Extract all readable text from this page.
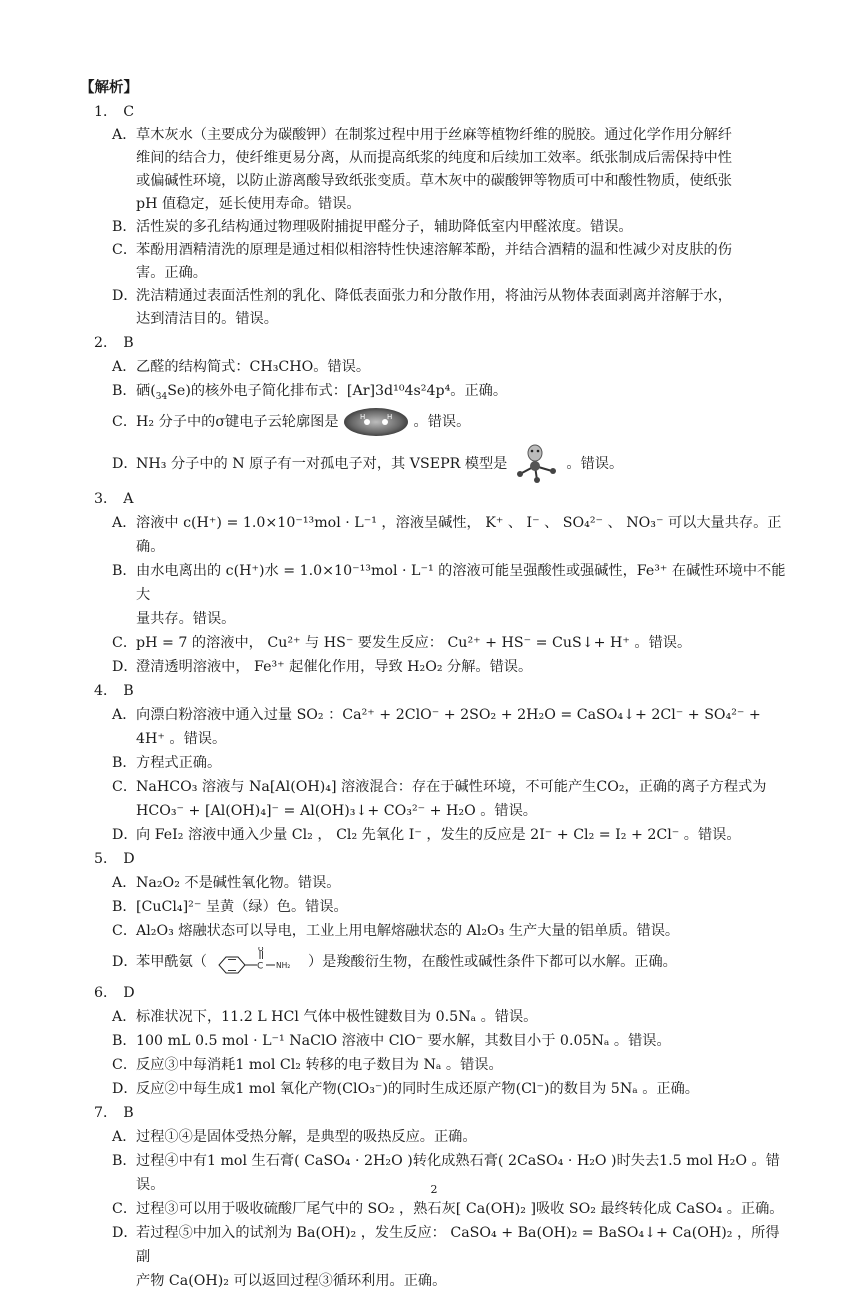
【解析】
1． C
A． 草木灰水（主要成分为碳酸钾）在制浆过程中用于丝麻等植物纤维的脱胶。通过化学作用分解纤
维间的结合力，使纤维更易分离，从而提高纸浆的纯度和后续加工效率。纸张制成后需保持中性
或偏碱性环境，以防止游离酸导致纸张变质。草木灰中的碳酸钾等物质可中和酸性物质，使纸张
pH 值稳定，延长使用寿命。错误。
B． 活性炭的多孔结构通过物理吸附捕捉甲醛分子，辅助降低室内甲醛浓度。错误。
C．
苯酚用酒精清洗的原理是通过相似相溶特性快速溶解苯酚，并结合酒精的温和性减少对皮肤的伤
害。正确。
D．
洗洁精通过表面活性剂的乳化、降低表面张力和分散作用，将油污从物体表面剥离并溶解于水，
达到清洁目的。错误。
2． B
A． 乙醛的结构简式：CH₃CHO。错误。
B． 硒$(_{34}Se)$的核外电子简化排布式：[Ar]3d¹⁰4s²4p⁴。正确。
C．
H₂ 分子中的σ键电子云轮廓图是	H	H 。错误。
D．
NH₃ 分子中的 N 原子有一对孤电子对，其 VSEPR 模型是	。错误。
3． A
A． 溶液中 c(H⁺) = 1.0×10⁻¹³mol · L⁻¹ ，溶液呈碱性， K⁺ 、 I⁻ 、 SO₄²⁻ 、 NO₃⁻ 可以大量共存。正确。
B． 由水电离出的 c(H⁺)水 = 1.0×10⁻¹³mol · L⁻¹ 的溶液可能呈强酸性或强碱性，Fe³⁺ 在碱性环境中不能大
量共存。错误。
C．
pH = 7 的溶液中， Cu²⁺ 与 HS⁻ 要发生反应： Cu²⁺ + HS⁻ = CuS↓+ H⁺ 。错误。
D．
澄清透明溶液中， Fe³⁺ 起催化作用，导致 H₂O₂ 分解。错误。
4． B
A． 向漂白粉溶液中通入过量 SO₂ ：Ca²⁺ + 2ClO⁻ + 2SO₂ + 2H₂O = CaSO₄↓+ 2Cl⁻ + SO₄²⁻ + 4H⁺ 。错误。
B． 方程式正确。
C．
NaHCO₃ 溶液与 Na[Al(OH)₄] 溶液混合：存在于碱性环境，不可能产生CO₂，正确的离子方程式为
HCO₃⁻ + [Al(OH)₄]⁻ = Al(OH)₃↓+ CO₃²⁻ + H₂O 。错误。
D．
向 FeI₂ 溶液中通入少量 Cl₂ ， Cl₂ 先氧化 I⁻ ，发生的反应是 2I⁻ + Cl₂ = I₂ + 2Cl⁻ 。错误。
5． D
A． Na₂O₂ 不是碱性氧化物。错误。
B． [CuCl₄]²⁻ 呈黄（绿）色。错误。
C．
Al₂O₃ 熔融状态可以导电，工业上用电解熔融状态的 Al₂O₃ 生产大量的铝单质。错误。
D．
苯甲酰氨（	C
O
NH₂ ）是羧酸衍生物，在酸性或碱性条件下都可以水解。正确。
6． D
A． 标准状况下，11.2 L HCl 气体中极性键数目为 0.5Nₐ 。错误。
B． 100 mL 0.5 mol · L⁻¹ NaClO 溶液中 ClO⁻ 要水解，其数目小于 0.05Nₐ 。错误。
C．
反应③中每消耗1 mol Cl₂ 转移的电子数目为 Nₐ 。错误。
D．
反应②中每生成1 mol 氧化产物(ClO₃⁻)的同时生成还原产物(Cl⁻)的数目为 5Nₐ 。正确。
7． B
A． 过程①④是固体受热分解，是典型的吸热反应。正确。
B． 过程④中有1 mol 生石膏( CaSO₄ · 2H₂O )转化成熟石膏( 2CaSO₄ · H₂O )时失去1.5 mol H₂O 。错误。
C．
过程③可以用于吸收硫酸厂尾气中的 SO₂ ，熟石灰[ Ca(OH)₂ ]吸收 SO₂ 最终转化成 CaSO₄ 。正确。
D．
若过程⑤中加入的试剂为 Ba(OH)₂ ，发生反应： CaSO₄ + Ba(OH)₂ = BaSO₄↓+ Ca(OH)₂ ，所得副
产物 Ca(OH)₂ 可以返回过程③循环利用。正确。
2
